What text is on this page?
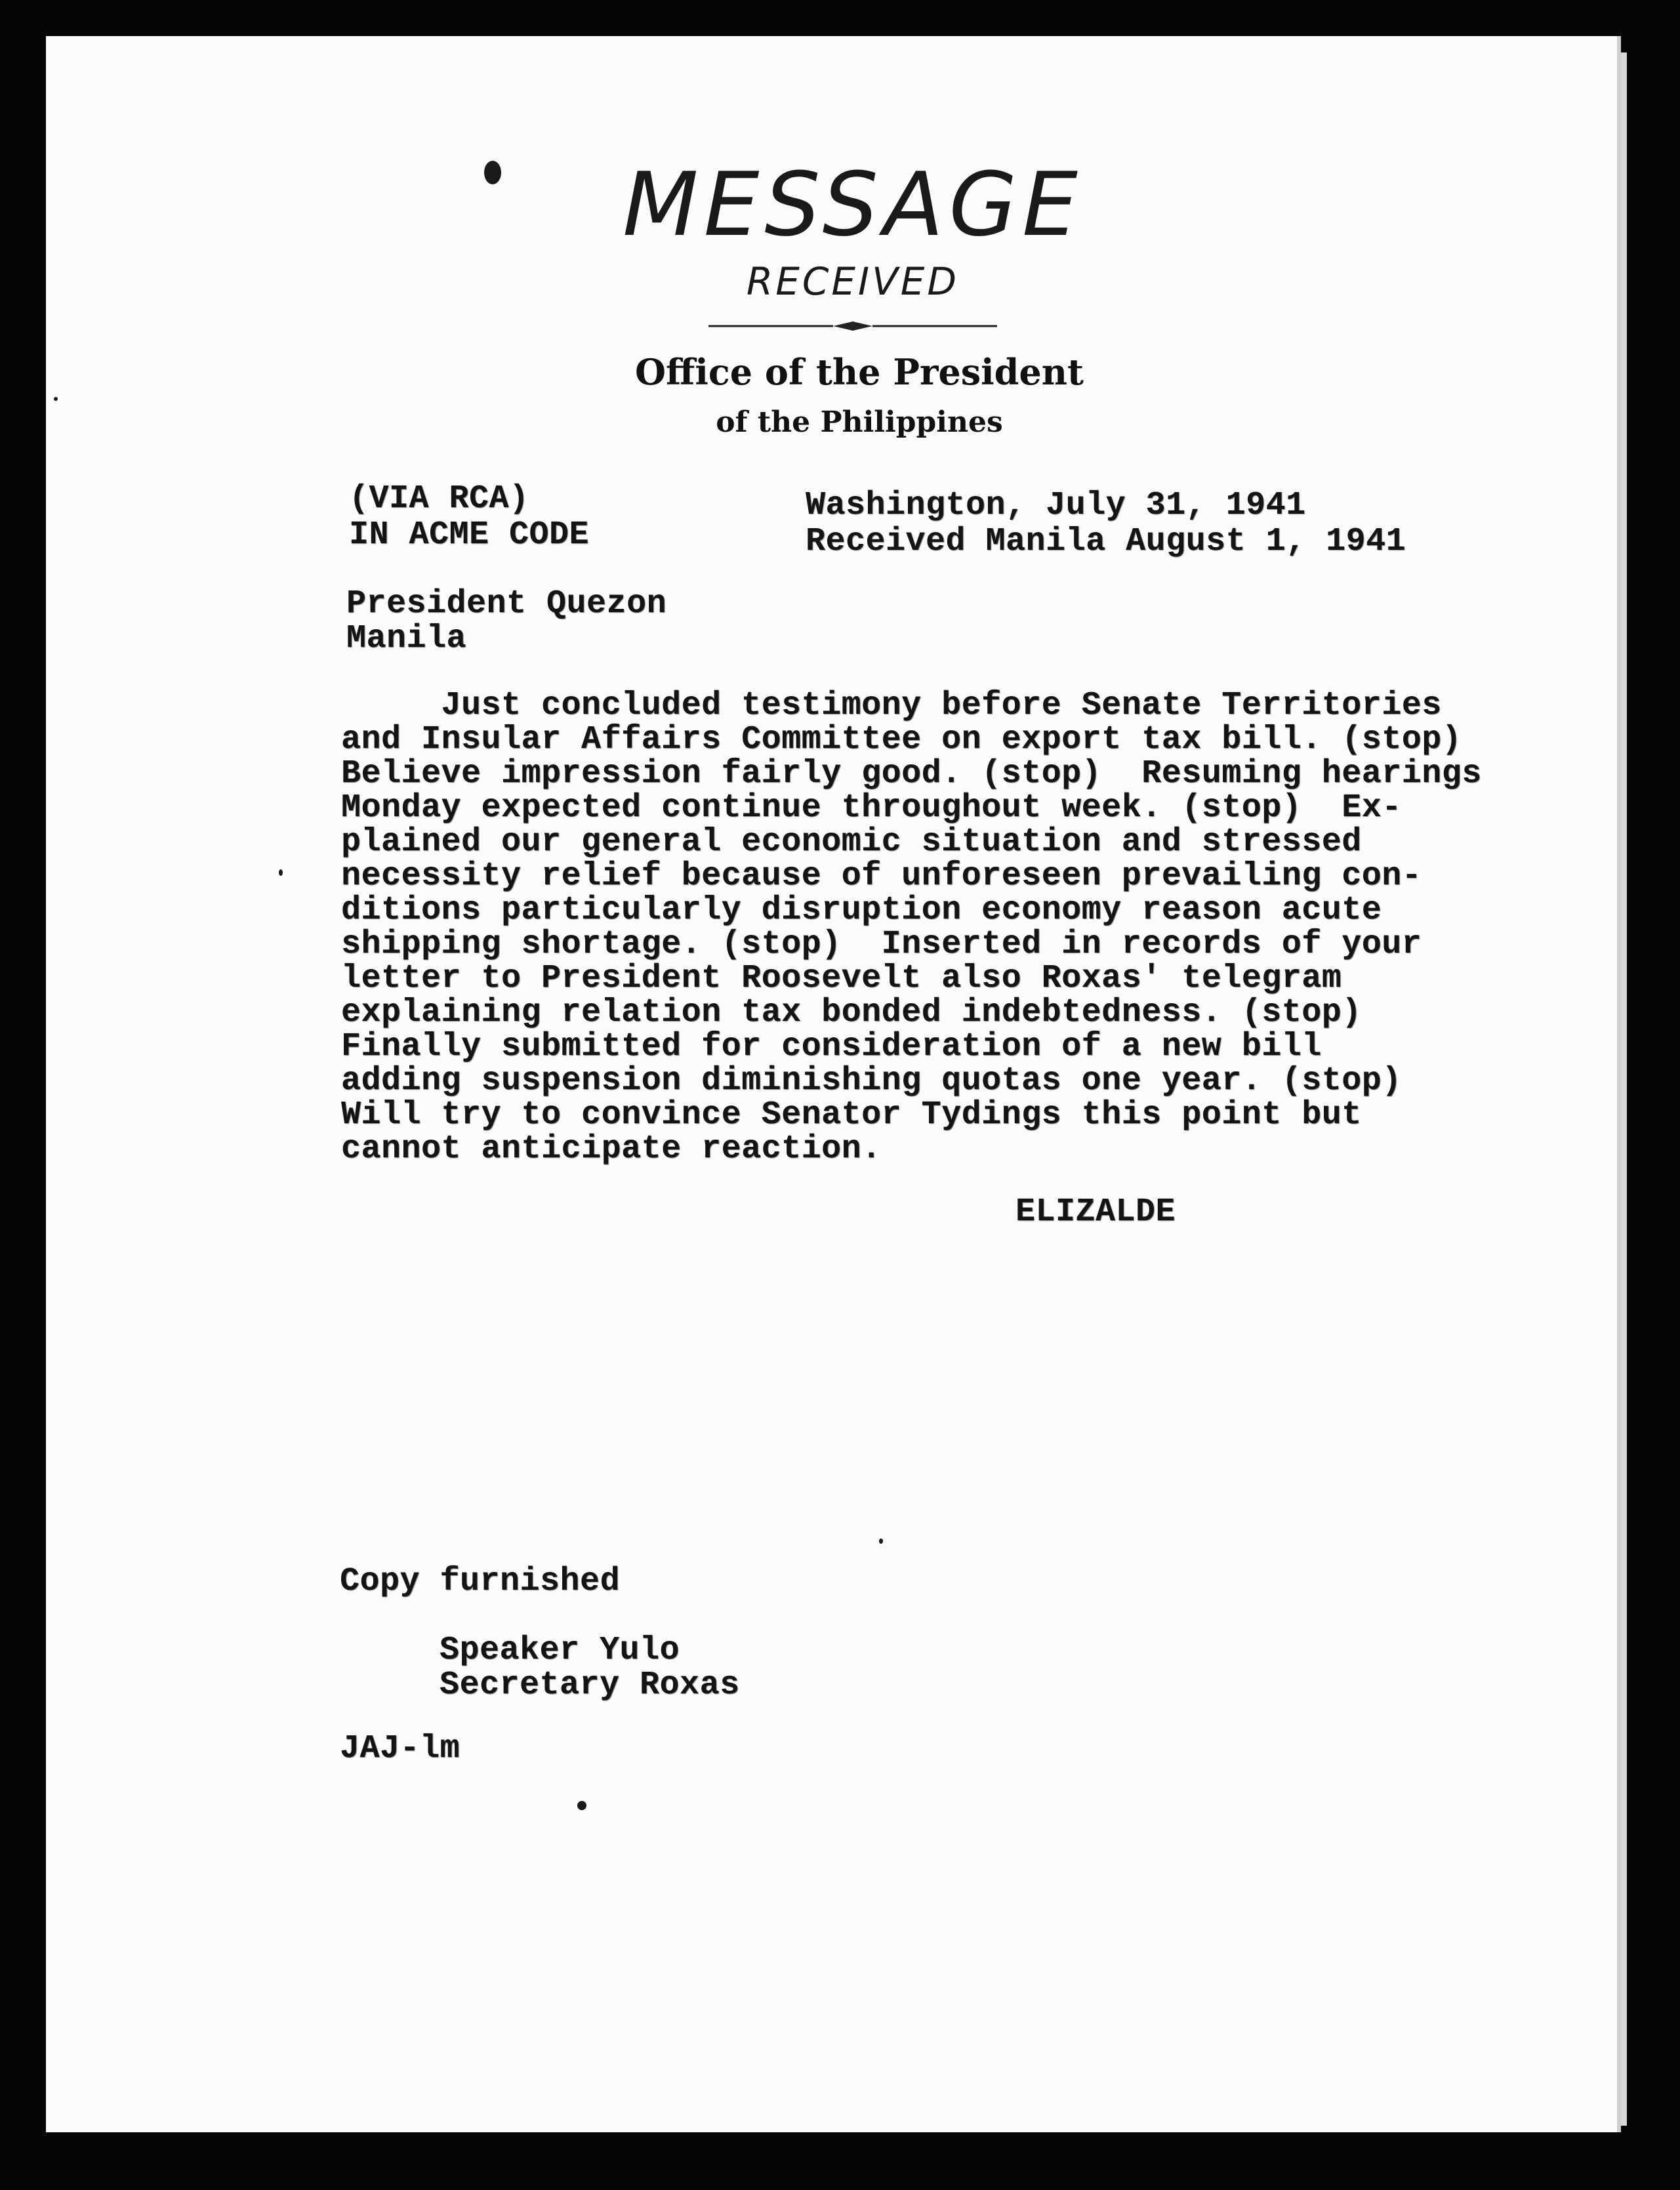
MESSAGE
RECEIVED
Office of the President
of the Philippines
(VIA RCA)
IN ACME CODE
Washington, July 31, 1941
Received Manila August 1, 1941
President Quezon
Manila

Just concluded testimony before Senate Territories

and Insular Affairs Committee on export tax bill. (stop)

Believe impression fairly good. (stop)  Resuming hearings

Monday expected continue throughout week. (stop)  Ex-

plained our general economic situation and stressed

necessity relief because of unforeseen prevailing con-

ditions particularly disruption economy reason acute

shipping shortage. (stop)  Inserted in records of your

letter to President Roosevelt also Roxas' telegram

explaining relation tax bonded indebtedness. (stop)

Finally submitted for consideration of a new bill

adding suspension diminishing quotas one year. (stop)

Will try to convince Senator Tydings this point but

cannot anticipate reaction.

ELIZALDE
Copy furnished
Speaker Yulo
Secretary Roxas
JAJ-lm
